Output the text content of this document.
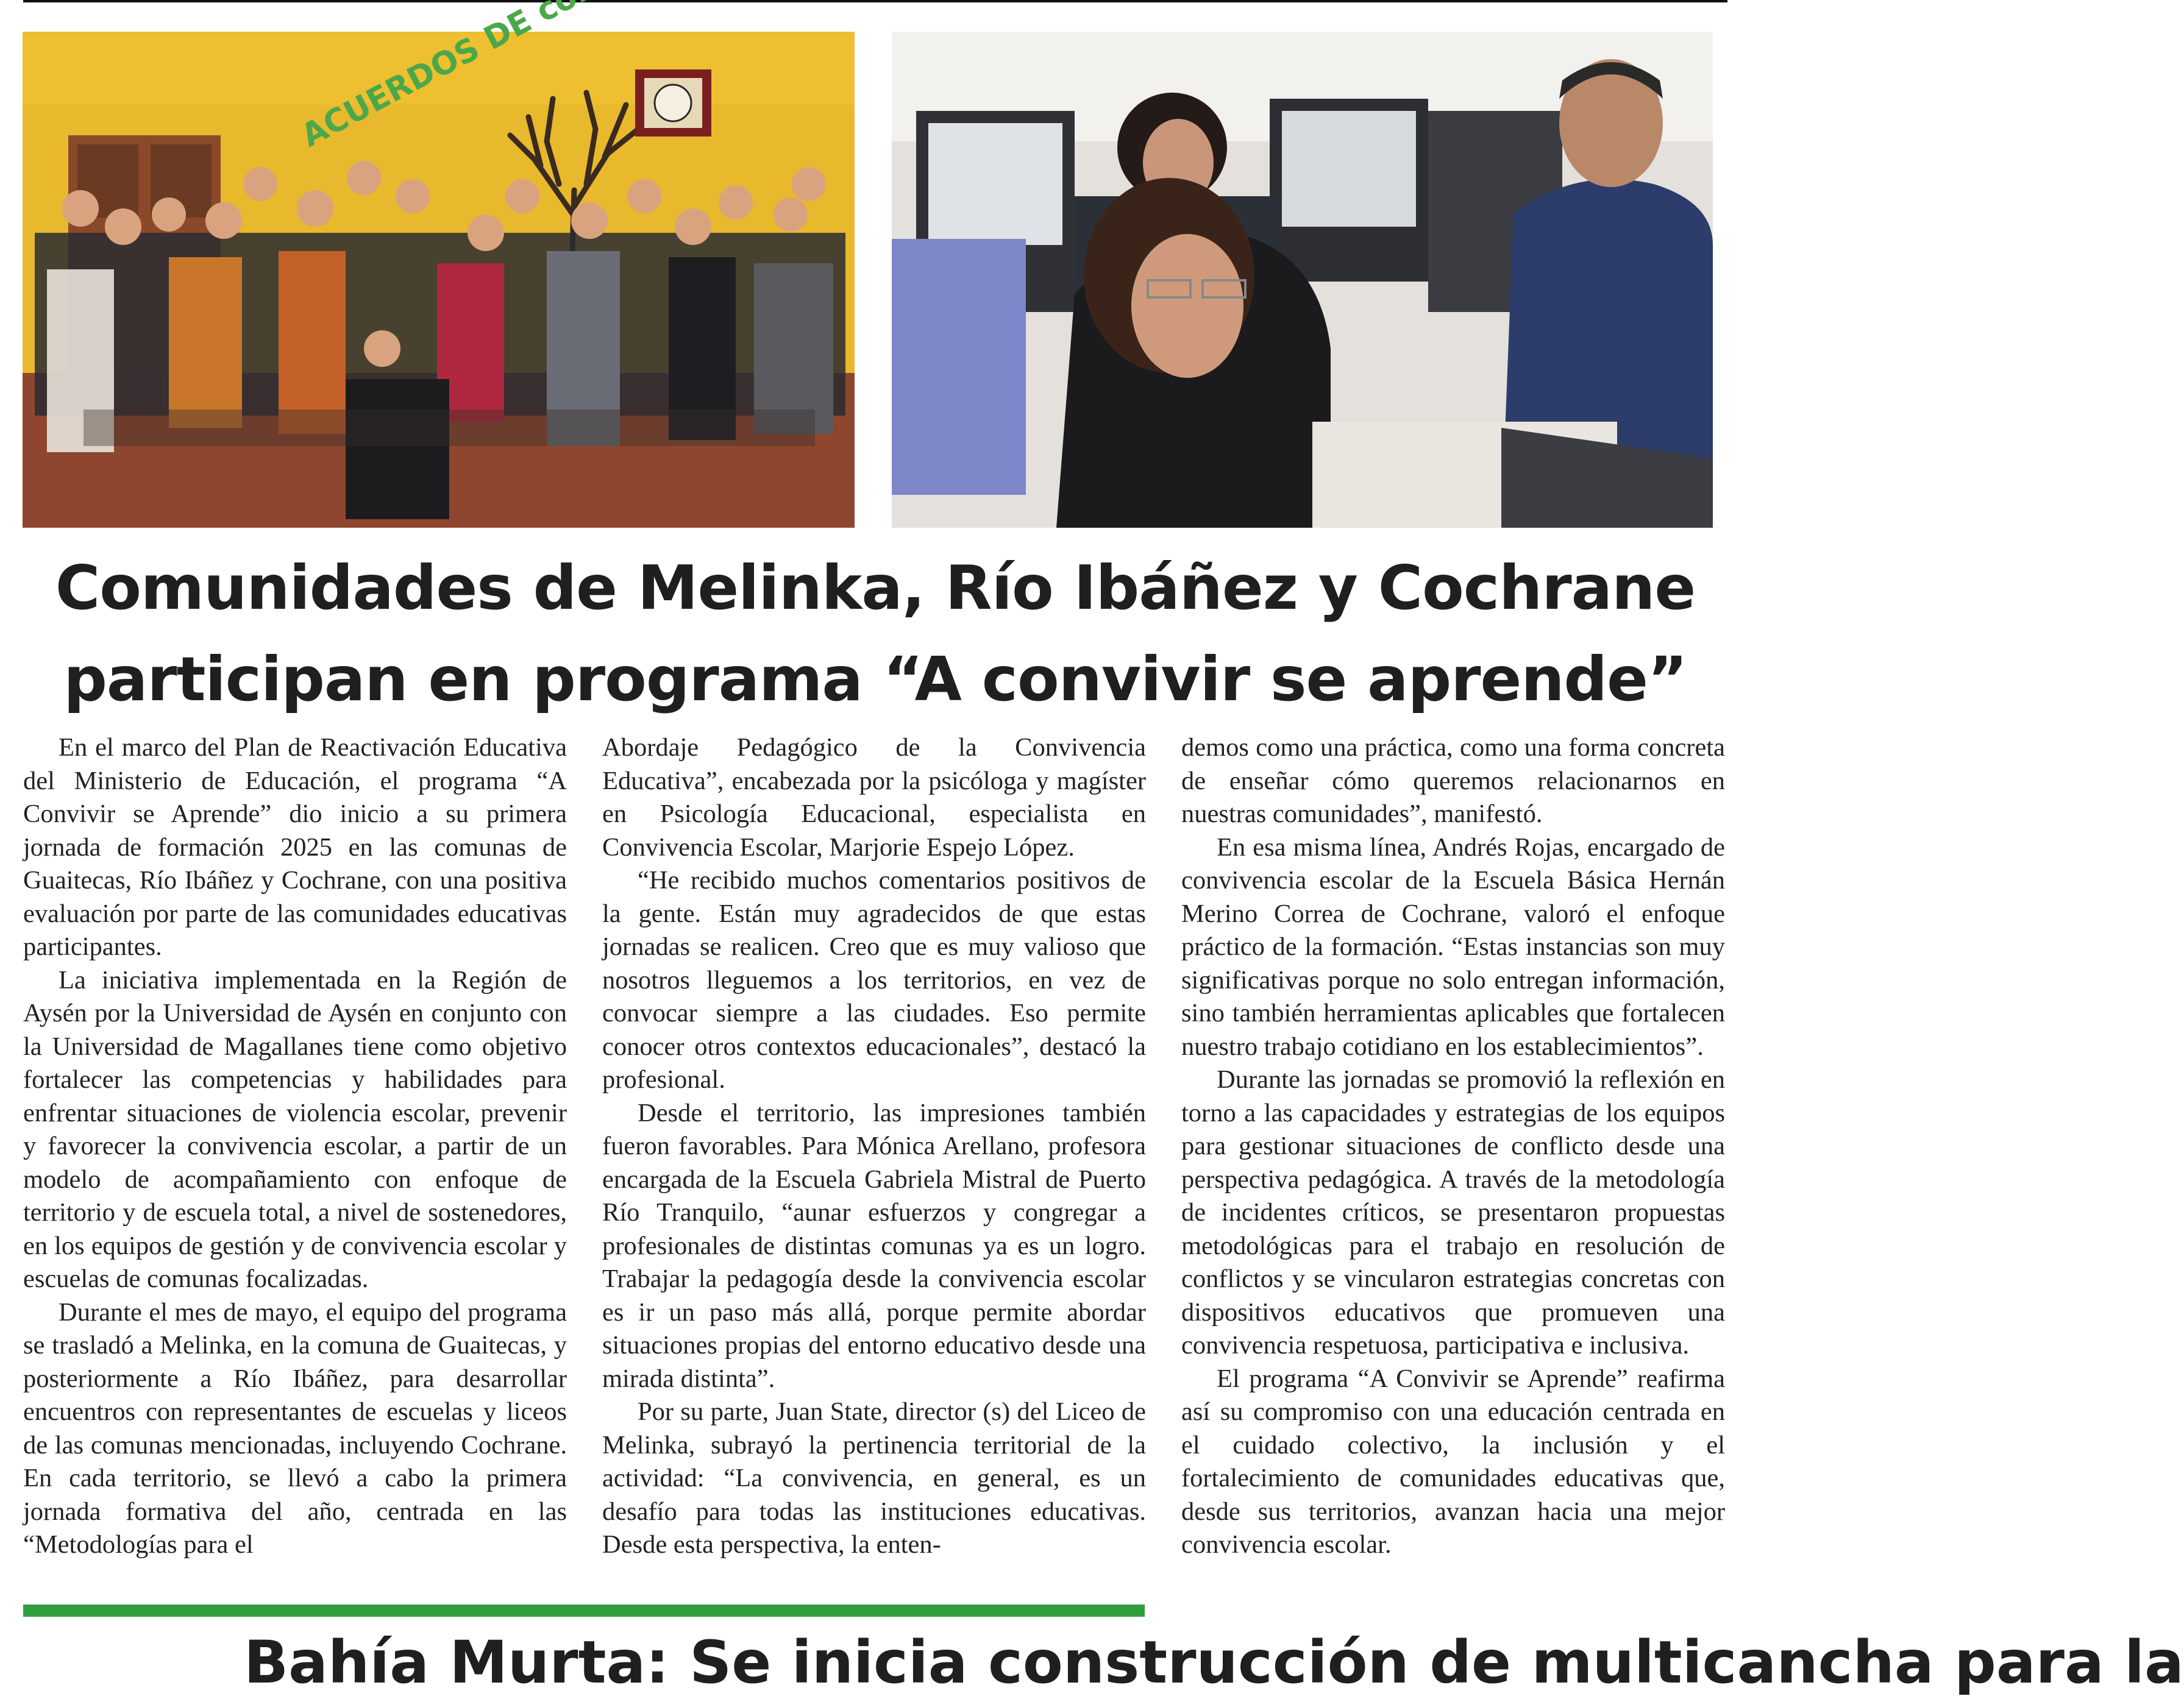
Comunidades de Melinka, Río Ibáñez y Cochrane
participan en programa “A convivir se aprende”

En el marco del Plan de Reactivación Educativa del Ministerio de Educación, el programa “A Convivir se Aprende” dio inicio a su primera jornada de formación 2025 en las comunas de Guaitecas, Río Ibáñez y Cochrane, con una positiva evaluación por parte de las comunidades educativas participantes.

La iniciativa implementada en la Región de Aysén por la Universidad de Aysén en conjunto con la Universidad de Magallanes tiene como objetivo fortalecer las competencias y habilidades para enfrentar situaciones de violencia escolar, prevenir y favorecer la convivencia escolar, a partir de un modelo de acompañamiento con enfoque de territorio y de escuela total, a nivel de sostenedores, en los equipos de gestión y de convivencia escolar y escuelas de comunas focalizadas.

Durante el mes de mayo, el equipo del programa se trasladó a Melinka, en la comuna de Guaitecas, y posteriormente a Río Ibáñez, para desarrollar encuentros con representantes de escuelas y liceos de las comunas mencionadas, incluyendo Cochrane. En cada territorio, se llevó a cabo la primera jornada formativa del año, centrada en las “Metodologías para el

Abordaje Pedagógico de la Convivencia Educativa”, encabezada por la psicóloga y magíster en Psicología Educacional, especialista en Convivencia Escolar, Marjorie Espejo López.

“He recibido muchos comentarios positivos de la gente. Están muy agradecidos de que estas jornadas se realicen. Creo que es muy valioso que nosotros lleguemos a los territorios, en vez de convocar siempre a las ciudades. Eso permite conocer otros contextos educacionales”, destacó la profesional.

Desde el territorio, las impresiones también fueron favorables. Para Mónica Arellano, profesora encargada de la Escuela Gabriela Mistral de Puerto Río Tranquilo, “aunar esfuerzos y congregar a profesionales de distintas comunas ya es un logro. Trabajar la pedagogía desde la convivencia escolar es ir un paso más allá, porque permite abordar situaciones propias del entorno educativo desde una mirada distinta”.

Por su parte, Juan State, director (s) del Liceo de Melinka, subrayó la pertinencia territorial de la actividad: “La convivencia, en general, es un desafío para todas las instituciones educativas. Desde esta perspectiva, la enten-

demos como una práctica, como una forma concreta de enseñar cómo queremos relacionarnos en nuestras comunidades”, manifestó.

En esa misma línea, Andrés Rojas, encargado de convivencia escolar de la Escuela Básica Hernán Merino Correa de Cochrane, valoró el enfoque práctico de la formación. “Estas instancias son muy significativas porque no solo entregan información, sino también herramientas aplicables que fortalecen nuestro trabajo cotidiano en los establecimientos”.

Durante las jornadas se promovió la reflexión en torno a las capacidades y estrategias de los equipos para gestionar situaciones de conflicto desde una perspectiva pedagógica. A través de la metodología de incidentes críticos, se presentaron propuestas metodológicas para el trabajo en resolución de conflictos y se vincularon estrategias concretas con dispositivos educativos que promueven una convivencia respetuosa, participativa e inclusiva.

El programa “A Convivir se Aprende” reafirma así su compromiso con una educación centrada en el cuidado colectivo, la inclusión y el fortalecimiento de comunidades educativas que, desde sus territorios, avanzan hacia una mejor convivencia escolar.

Bahía Murta: Se inicia construcción de multicancha para la
